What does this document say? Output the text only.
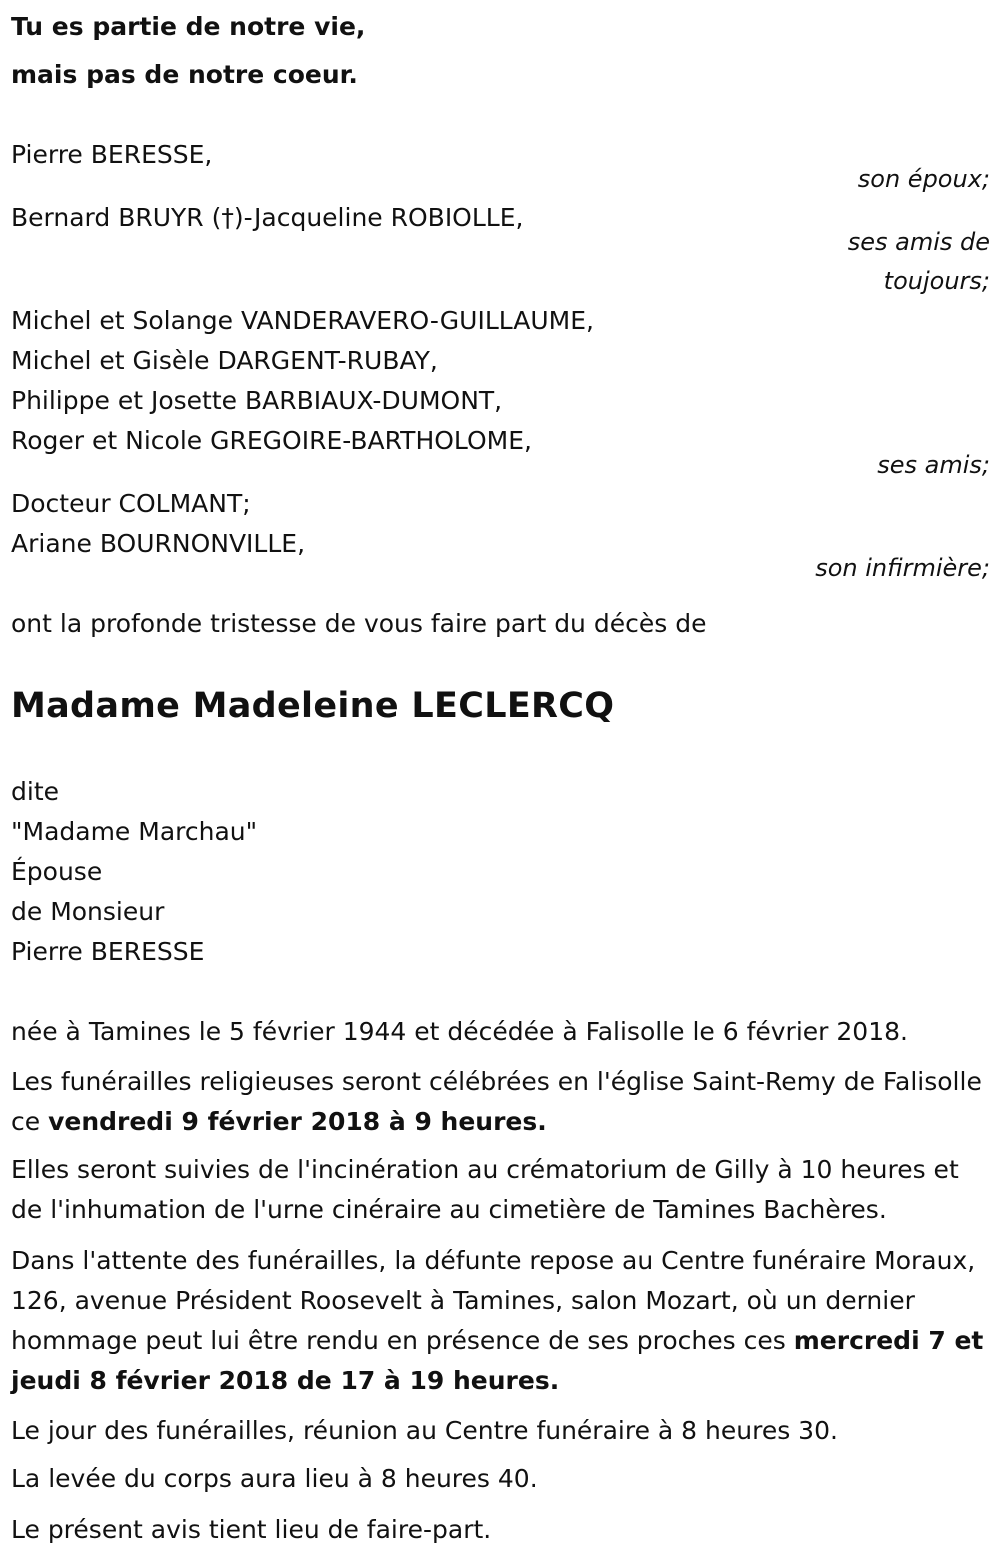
Tu es partie de notre vie,
mais pas de notre coeur.
Pierre BERESSE,
son époux;
Bernard BRUYR (†)-Jacqueline ROBIOLLE,
ses amis de
toujours;
Michel et Solange VANDERAVERO-GUILLAUME,
Michel et Gisèle DARGENT-RUBAY,
Philippe et Josette BARBIAUX-DUMONT,
Roger et Nicole GREGOIRE-BARTHOLOME,
ses amis;
Docteur COLMANT;
Ariane BOURNONVILLE,
son infirmière;
ont la profonde tristesse de vous faire part du décès de
Madame Madeleine LECLERCQ
dite
"Madame Marchau"
Épouse
de Monsieur
Pierre BERESSE
née à Tamines le 5 février 1944 et décédée à Falisolle le 6 février 2018.
Les funérailles religieuses seront célébrées en l'église Saint-Remy de Falisolle ce vendredi 9 février 2018 à 9 heures.
Elles seront suivies de l'incinération au crématorium de Gilly à 10 heures et de l'inhumation de l'urne cinéraire au cimetière de Tamines Bachères.
Dans l'attente des funérailles, la défunte repose au Centre funéraire Moraux, 126, avenue Président Roosevelt à Tamines, salon Mozart, où un dernier hommage peut lui être rendu en présence de ses proches ces mercredi 7 et jeudi 8 février 2018 de 17 à 19 heures.
Le jour des funérailles, réunion au Centre funéraire à 8 heures 30.
La levée du corps aura lieu à 8 heures 40.
Le présent avis tient lieu de faire-part.
